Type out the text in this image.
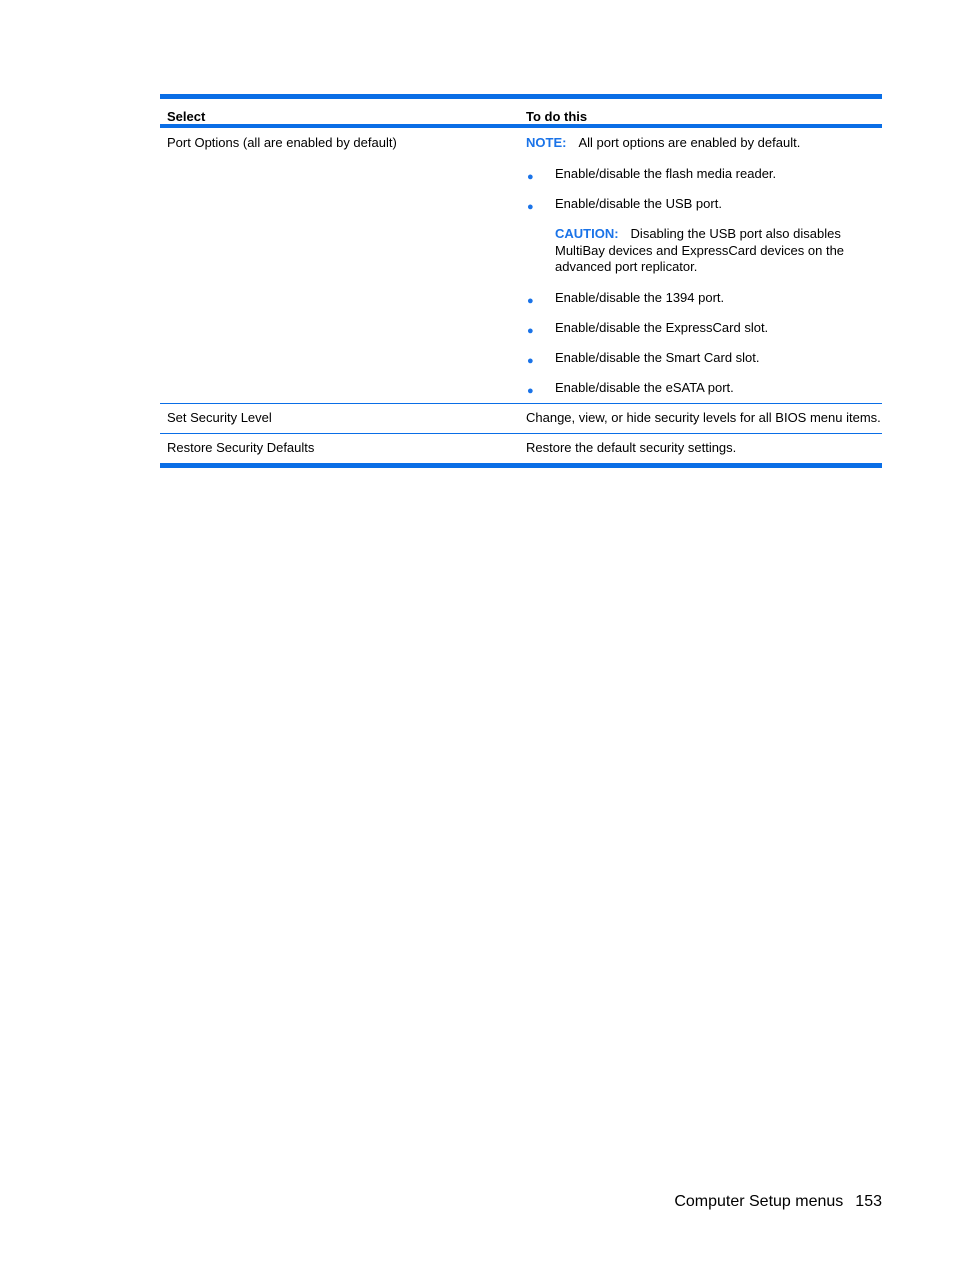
Select	To do this
Port Options (all are enabled by default)	NOTE: All port options are enabled by default.
● Enable/disable the flash media reader.
● Enable/disable the USB port.
CAUTION: Disabling the USB port also disables MultiBay devices and ExpressCard devices on the advanced port replicator.
● Enable/disable the 1394 port.
● Enable/disable the ExpressCard slot.
● Enable/disable the Smart Card slot.
● Enable/disable the eSATA port.
Set Security Level	Change, view, or hide security levels for all BIOS menu items.
Restore Security Defaults	Restore the default security settings.
Computer Setup menus 153
